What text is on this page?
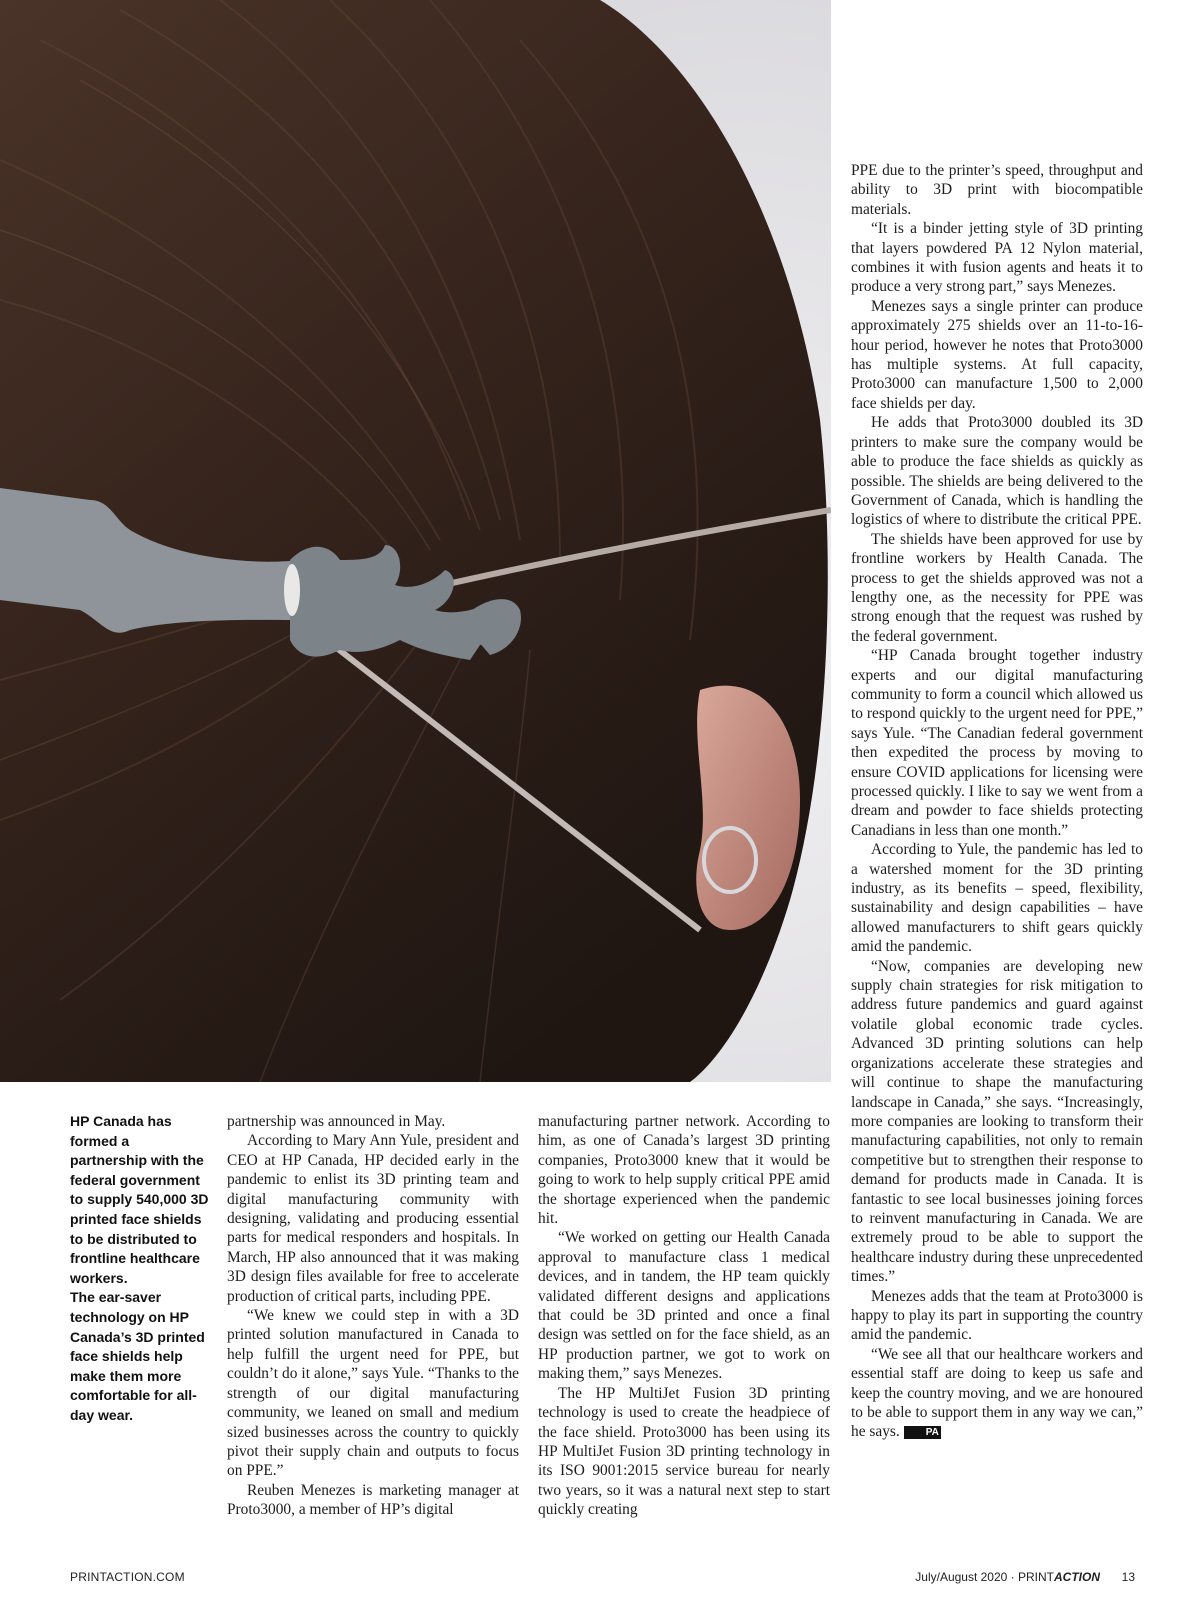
HP Canada has formed a partnership with the federal government to supply 540,000 3D printed face shields to be distributed to frontline healthcare workers.

The ear-saver technology on HP Canada’s 3D printed face shields help make them more comfortable for all-day wear.

partnership was announced in May.

According to Mary Ann Yule, president and CEO at HP Canada, HP decided early in the pandemic to enlist its 3D printing team and digital manufacturing community with designing, validating and producing essential parts for medical responders and hospitals. In March, HP also announced that it was making 3D design files available for free to accelerate production of critical parts, including PPE.

“We knew we could step in with a 3D printed solution manufactured in Canada to help fulfill the urgent need for PPE, but couldn’t do it alone,” says Yule. “Thanks to the strength of our digital manufacturing community, we leaned on small and medium sized businesses across the country to quickly pivot their supply chain and outputs to focus on PPE.”

Reuben Menezes is marketing manager at Proto3000, a member of HP’s digital

manufacturing partner network. According to him, as one of Canada’s largest 3D printing companies, Proto3000 knew that it would be going to work to help supply critical PPE amid the shortage experienced when the pandemic hit.

“We worked on getting our Health Canada approval to manufacture class 1 medical devices, and in tandem, the HP team quickly validated different designs and applications that could be 3D printed and once a final design was settled on for the face shield, as an HP production partner, we got to work on making them,” says Menezes.

The HP MultiJet Fusion 3D printing technology is used to create the headpiece of the face shield. Proto3000 has been using its HP MultiJet Fusion 3D printing technology in its ISO 9001:2015 service bureau for nearly two years, so it was a natural next step to start quickly creating

PPE due to the printer’s speed, throughput and ability to 3D print with biocompatible materials.

“It is a binder jetting style of 3D printing that layers powdered PA 12 Nylon material, combines it with fusion agents and heats it to produce a very strong part,” says Menezes.

Menezes says a single printer can produce approximately 275 shields over an 11-to-16-hour period, however he notes that Proto3000 has multiple systems. At full capacity, Proto3000 can manufacture 1,500 to 2,000 face shields per day.

He adds that Proto3000 doubled its 3D printers to make sure the company would be able to produce the face shields as quickly as possible. The shields are being delivered to the Government of Canada, which is handling the logistics of where to distribute the critical PPE.

The shields have been approved for use by frontline workers by Health Canada. The process to get the shields approved was not a lengthy one, as the necessity for PPE was strong enough that the request was rushed by the federal government.

“HP Canada brought together industry experts and our digital manufacturing community to form a council which allowed us to respond quickly to the urgent need for PPE,” says Yule. “The Canadian federal government then expedited the process by moving to ensure COVID applications for licensing were processed quickly. I like to say we went from a dream and powder to face shields protecting Canadians in less than one month.”

According to Yule, the pandemic has led to a watershed moment for the 3D printing industry, as its benefits – speed, flexibility, sustainability and design capabilities – have allowed manufacturers to shift gears quickly amid the pandemic.

“Now, companies are developing new supply chain strategies for risk mitigation to address future pandemics and guard against volatile global economic trade cycles. Advanced 3D printing solutions can help organizations accelerate these strategies and will continue to shape the manufacturing landscape in Canada,” she says. “Increasingly, more companies are looking to transform their manufacturing capabilities, not only to remain competitive but to strengthen their response to demand for products made in Canada. It is fantastic to see local businesses joining forces to reinvent manufacturing in Canada. We are extremely proud to be able to support the healthcare industry during these unprecedented times.”

Menezes adds that the team at Proto3000 is happy to play its part in supporting the country amid the pandemic.

“We see all that our healthcare workers and essential staff are doing to keep us safe and keep the country moving, and we are honoured to be able to support them in any way we can,” he says.	PA

PRINTACTION.COM	July/August 2020 · PRINTACTION 13
